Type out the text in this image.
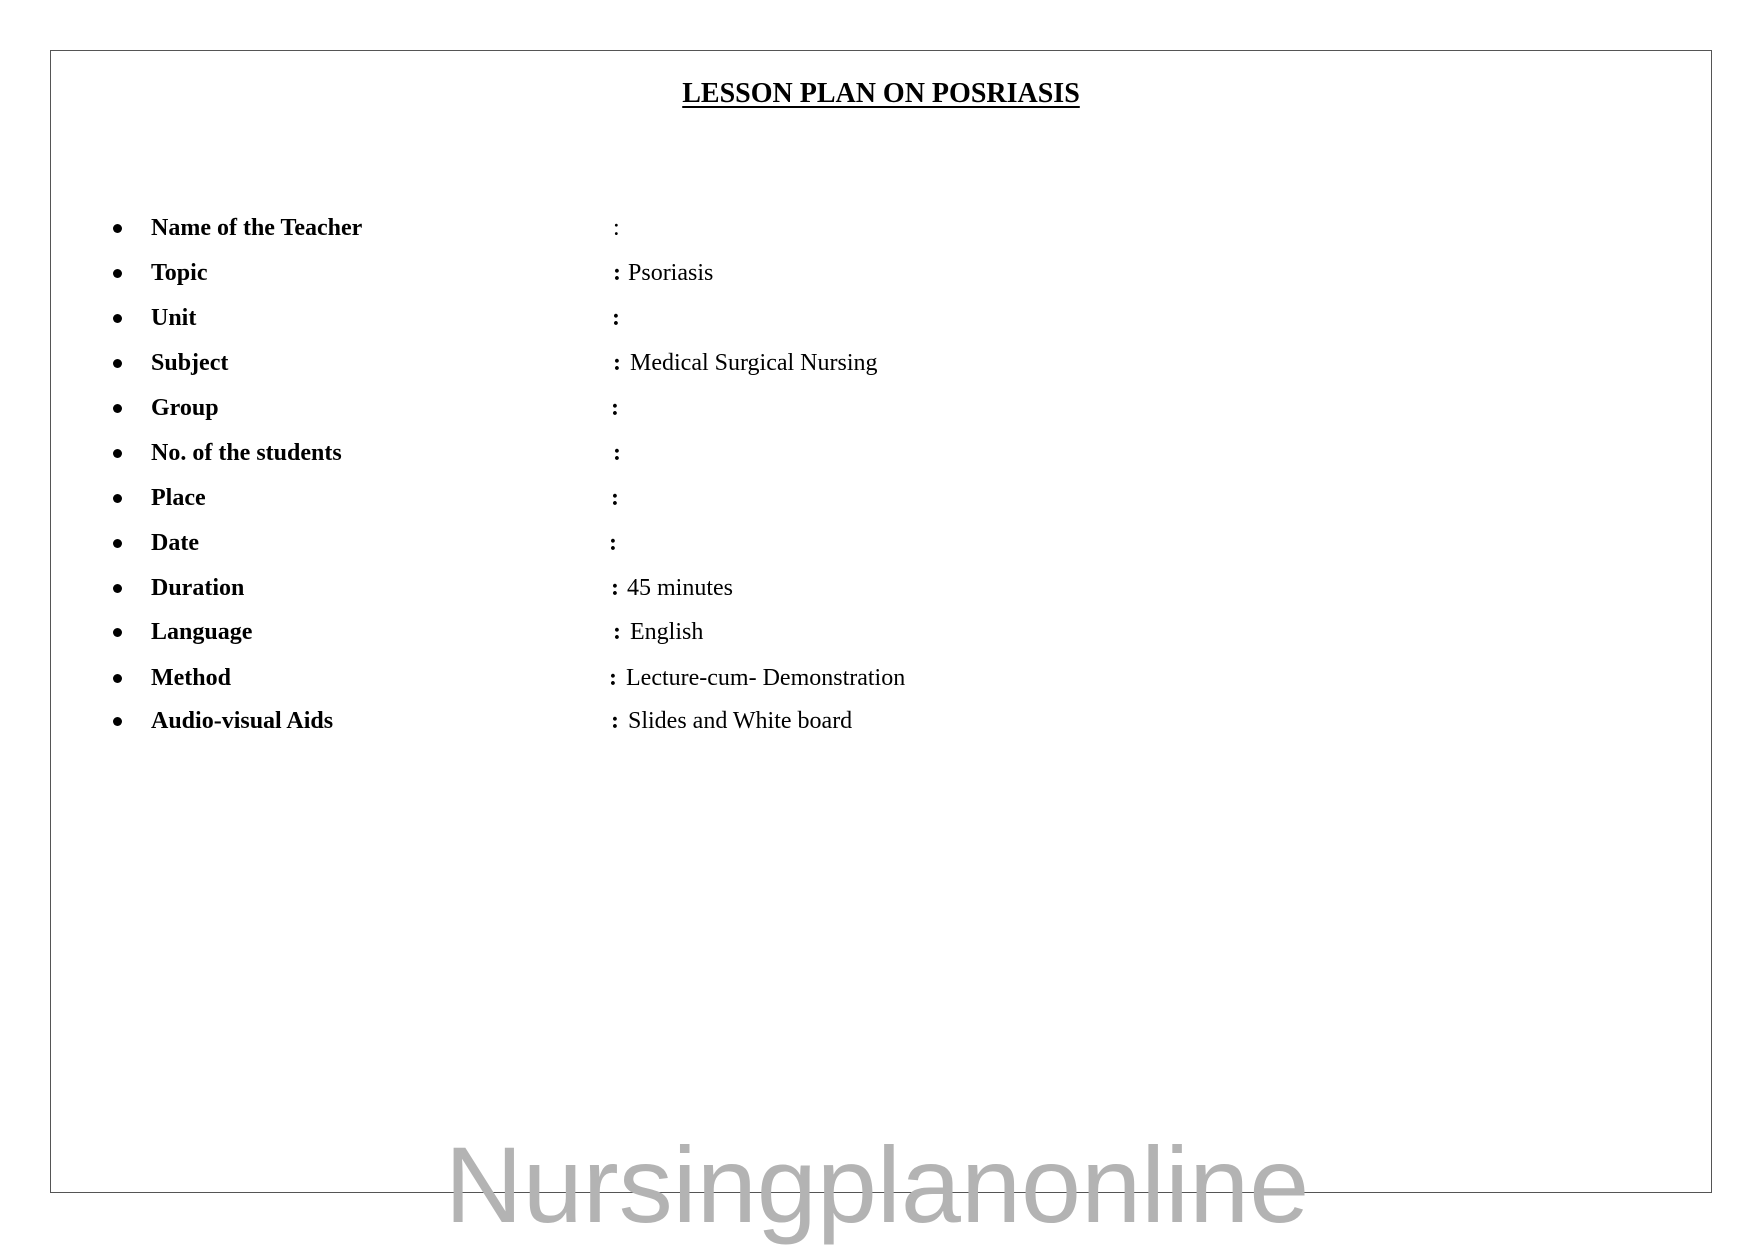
LESSON PLAN ON POSRIASIS
Name of the Teacher	:
Topic	: Psoriasis
Unit	:
Subject	: Medical Surgical Nursing
Group	:
No. of the students	:
Place	:
Date	:
Duration	: 45 minutes
Language	: English
Method	: Lecture-cum- Demonstration
Audio-visual Aids	: Slides and White board
Nursingplanonline
